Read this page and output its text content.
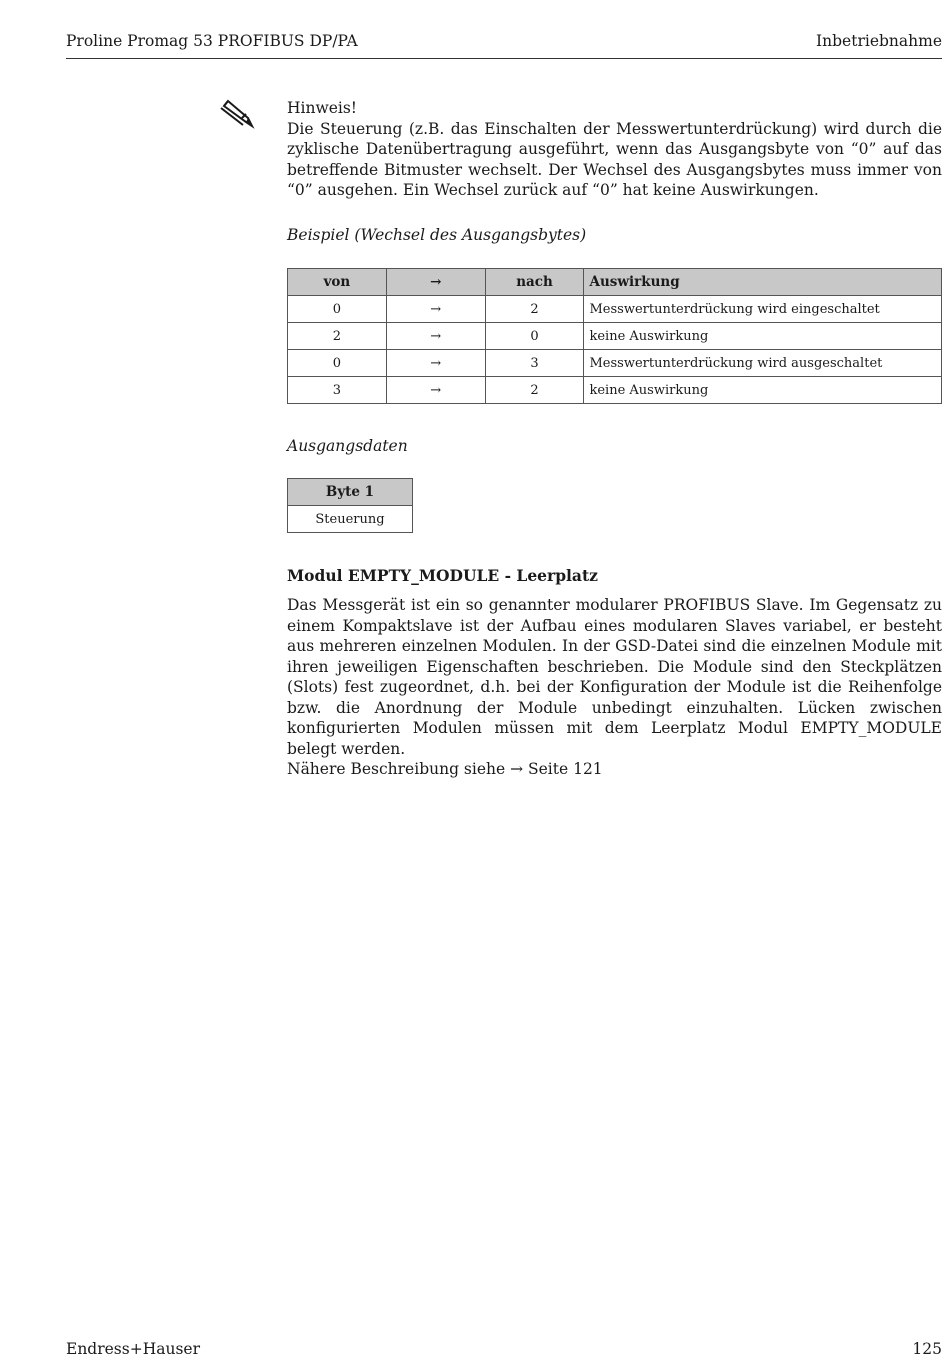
Proline Promag 53 PROFIBUS DP/PA	Inbetriebnahme

Hinweis!

Die Steuerung (z.B. das Einschalten der Messwertunterdrückung) wird durch die zyklische Datenübertragung ausgeführt, wenn das Ausgangsbyte von “0” auf das betreffende Bitmuster wechselt. Der Wechsel des Ausgangsbytes muss immer von “0” ausgehen. Ein Wechsel zurück auf “0” hat keine Auswirkungen.

Beispiel (Wechsel des Ausgangsbytes)
von	→	nach	Auswirkung
0	→	2	Messwertunterdrückung wird eingeschaltet
2	→	0	keine Auswirkung
0	→	3	Messwertunterdrückung wird ausgeschaltet
3	→	2	keine Auswirkung
Ausgangsdaten
Byte 1
Steuerung
Modul EMPTY_MODULE - Leerplatz

Das Messgerät ist ein so genannter modularer PROFIBUS Slave. Im Gegensatz zu einem Kompaktslave ist der Aufbau eines modularen Slaves variabel, er besteht aus mehreren einzelnen Modulen. In der GSD-Datei sind die einzelnen Module mit ihren jeweiligen Eigenschaften beschrieben. Die Module sind den Steckplätzen (Slots) fest zugeordnet, d.h. bei der Konfiguration der Module ist die Reihenfolge bzw. die Anordnung der Module unbedingt einzuhalten. Lücken zwischen konfigurierten Modulen müssen mit dem Leerplatz Modul EMPTY_MODULE belegt werden.

Nähere Beschreibung siehe → Seite 121

Endress+Hauser	125
